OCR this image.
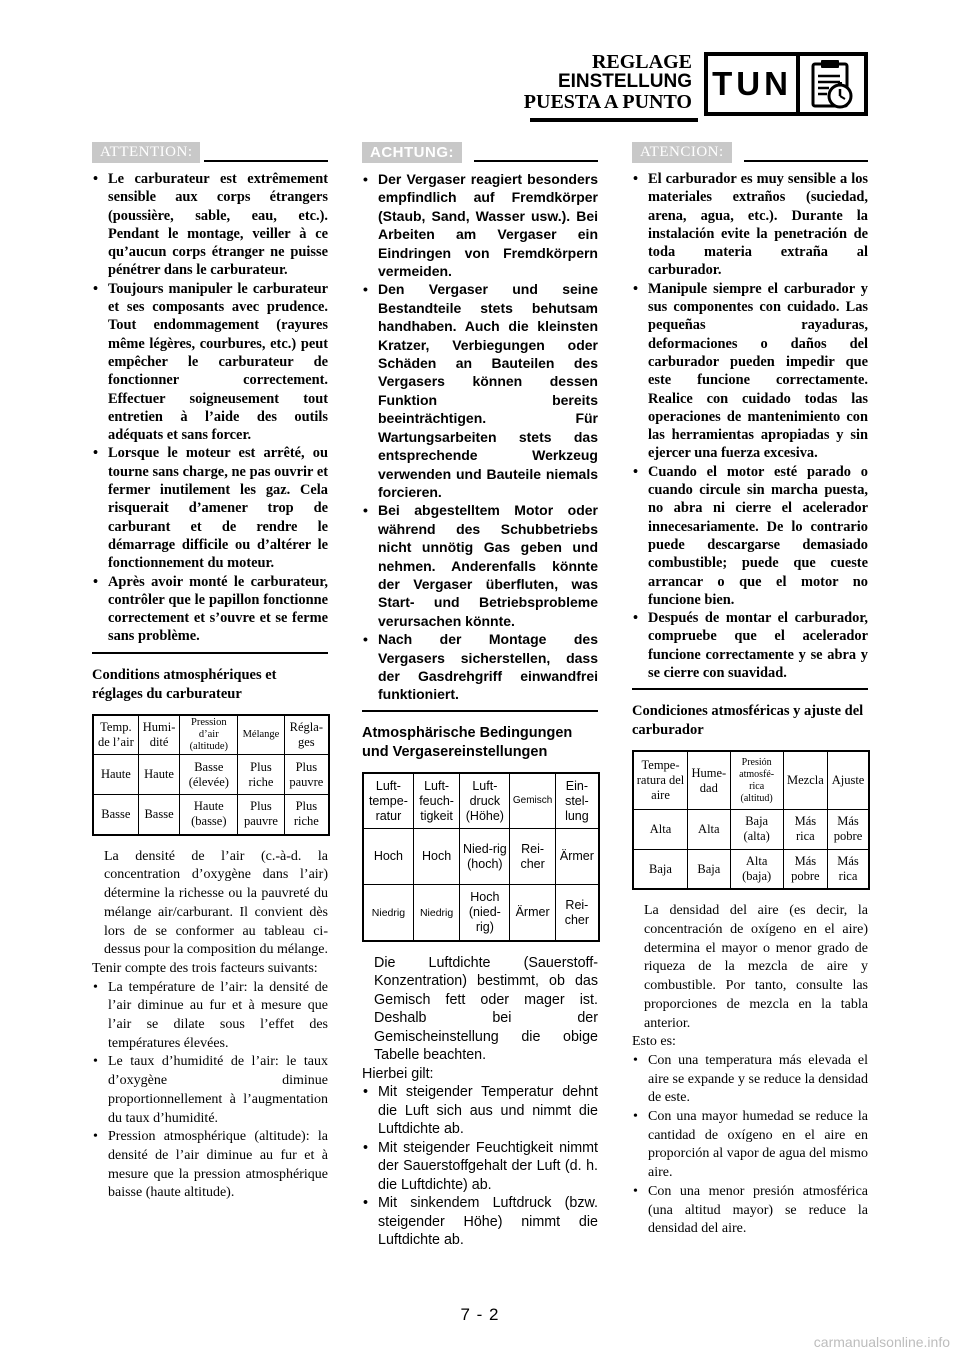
REGLAGE
EINSTELLUNG
PUESTA A PUNTO TUN
ATTENTION:
• Le carburateur est extrêmement sensible aux corps étrangers (poussière, sable, eau, etc.). Pendant le montage, veiller à ce qu’aucun corps étranger ne puisse pénétrer dans le carburateur.
• Toujours manipuler le carburateur et ses composants avec prudence. Tout endommagement (rayures même légères, courbures, etc.) peut empêcher le carburateur de fonctionner correctement. Effectuer soigneusement tout entretien à l’aide des outils adéquats et sans forcer.
• Lorsque le moteur est arrêté, ou tourne sans charge, ne pas ouvrir et fermer inutilement les gaz. Cela risquerait d’amener trop de carburant et de rendre le démarrage difficile ou d’altérer le fonctionnement du moteur.
• Après avoir monté le carburateur, contrôler que le papillon fonctionne correctement et s’ouvre et se ferme sans problème.
Conditions atmosphériques et réglages du carburateur
Temp. de l’air	Humi-dité	Pression d’air (altitude)	Mélange	Régla-ges
Haute	Haute	Basse (élevée)	Plus riche	Plus pauvre
Basse	Basse	Haute (basse)	Plus pauvre	Plus riche

La densité de l’air (c.-à-d. la concentration d’oxygène dans l’air) détermine la richesse ou la pauvreté du mélange air/carburant. Il convient dès lors de se conformer au tableau ci-dessus pour la composition du mélange.

Tenir compte des trois facteurs suivants:

• La température de l’air: la densité de l’air diminue au fur et à mesure que l’air se dilate sous l’effet des températures élevées.
• Le taux d’humidité de l’air: le taux d’oxygène diminue proportionnellement à l’augmentation du taux d’humidité.
• Pression atmosphérique (altitude): la densité de l’air diminue au fur et à mesure que la pression atmosphérique baisse (haute altitude).
ACHTUNG:
• Der Vergaser reagiert besonders empfindlich auf Fremdkörper (Staub, Sand, Wasser usw.). Bei Arbeiten am Vergaser ein Eindringen von Fremdkörpern vermeiden.
• Den Vergaser und seine Bestandteile stets behutsam handhaben. Auch die kleinsten Kratzer, Verbiegungen oder Schäden an Bauteilen des Vergasers können dessen Funktion bereits beeinträchtigen. Für Wartungsarbeiten stets das entsprechende Werkzeug verwenden und Bauteile niemals forcieren.
• Bei abgestelltem Motor oder während des Schubbetriebs nicht unnötig Gas geben und nehmen. Anderenfalls könnte der Vergaser überfluten, was Start- und Betriebsprobleme verursachen könnte.
• Nach der Montage des Vergasers sicherstellen, dass der Gasdrehgriff einwandfrei funktioniert.
Atmosphärische Bedingungen und Vergasereinstellungen
Luft-tempe-ratur	Luft-feuch-tigkeit	Luft-druck (Höhe)	Gemisch	Ein-stel-lung
Hoch	Hoch	Nied-rig (hoch)	Rei-cher	Ärmer
Niedrig	Niedrig	Hoch (nied-rig)	Ärmer	Rei-cher

Die Luftdichte (Sauerstoff-Konzentration) bestimmt, ob das Gemisch fett oder mager ist. Deshalb bei der Gemischeinstellung die obige Tabelle beachten.

Hierbei gilt:

• Mit steigender Temperatur dehnt die Luft sich aus und nimmt die Luftdichte ab.
• Mit steigender Feuchtigkeit nimmt der Sauerstoffgehalt der Luft (d. h. die Luftdichte) ab.
• Mit sinkendem Luftdruck (bzw. steigender Höhe) nimmt die Luftdichte ab.
ATENCION:
• El carburador es muy sensible a los materiales extraños (suciedad, arena, agua, etc.). Durante la instalación evite la penetración de toda materia extraña al carburador.
• Manipule siempre el carburador y sus componentes con cuidado. Las pequeñas rayaduras, deformaciones o daños del carburador pueden impedir que este funcione correctamente. Realice con cuidado todas las operaciones de mantenimiento con las herramientas apropiadas y sin ejercer una fuerza excesiva.
• Cuando el motor esté parado o cuando circule sin marcha puesta, no abra ni cierre el acelerador innecesariamente. De lo contrario puede descargarse demasiado combustible; puede que cueste arrancar o que el motor no funcione bien.
• Después de montar el carburador, compruebe que el acelerador funcione correctamente y se abra y se cierre con suavidad.
Condiciones atmosféricas y ajuste del carburador
Tempe-ratura del aire	Hume-dad	Presión atmosfé-rica (altitud)	Mezcla	Ajuste
Alta	Alta	Baja (alta)	Más rica	Más pobre
Baja	Baja	Alta (baja)	Más pobre	Más rica

La densidad del aire (es decir, la concentración de oxígeno en el aire) determina el mayor o menor grado de riqueza de la mezcla de aire y combustible. Por tanto, consulte las proporciones de mezcla en la tabla anterior.

Esto es:

• Con una temperatura más elevada el aire se expande y se reduce la densidad de este.
• Con una mayor humedad se reduce la cantidad de oxígeno en el aire en proporción al vapor de agua del mismo aire.
• Con una menor presión atmosférica (una altitud mayor) se reduce la densidad del aire.
7 - 2
carmanualsonline.info
